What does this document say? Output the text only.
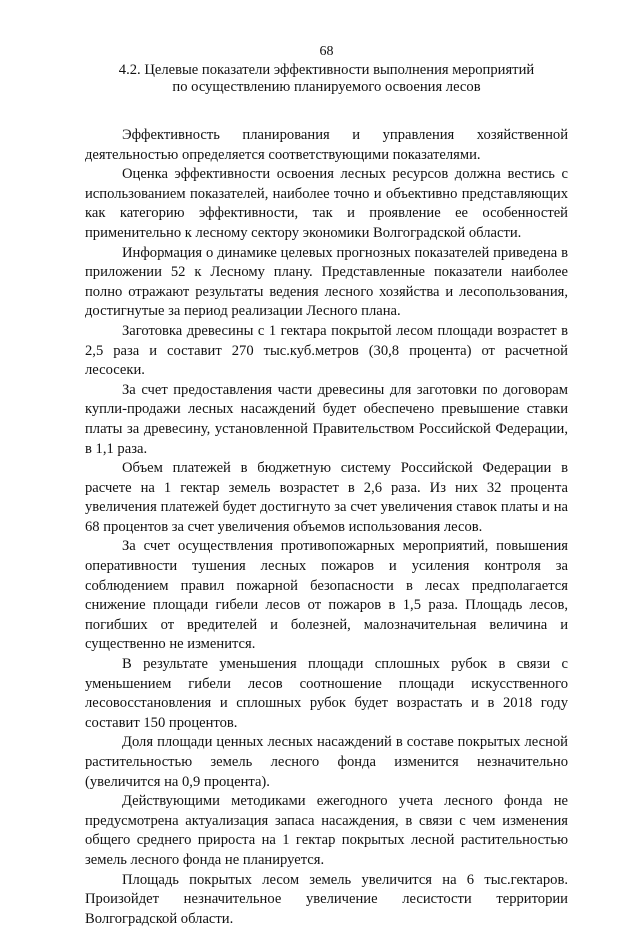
68
4.2. Целевые показатели эффективности выполнения мероприятий
по осуществлению планируемого освоения лесов

Эффективность планирования и управления хозяйственной деятельностью определяется соответствующими показателями.

Оценка эффективности освоения лесных ресурсов должна вестись с использованием показателей, наиболее точно и объективно представляющих как категорию эффективности, так и проявление ее особенностей применительно к лесному сектору экономики Волгоградской области.

Информация о динамике целевых прогнозных показателей приведена в приложении 52 к Лесному плану. Представленные показатели наиболее полно отражают результаты ведения лесного хозяйства и лесопользования, достигнутые за период реализации Лесного плана.

Заготовка древесины с 1 гектара покрытой лесом площади возрастет в 2,5 раза и составит 270 тыс.куб.метров (30,8 процента) от расчетной лесосеки.

За счет предоставления части древесины для заготовки по договорам купли-продажи лесных насаждений будет обеспечено превышение ставки платы за древесину, установленной Правительством Российской Федерации, в 1,1 раза.

Объем платежей в бюджетную систему Российской Федерации в расчете на 1 гектар земель возрастет в 2,6 раза. Из них 32 процента увеличения платежей будет достигнуто за счет увеличения ставок платы и на 68 процентов за счет увеличения объемов использования лесов.

За счет осуществления противопожарных мероприятий, повышения оперативности тушения лесных пожаров и усиления контроля за соблюдением правил пожарной безопасности в лесах предполагается снижение площади гибели лесов от пожаров в 1,5 раза. Площадь лесов, погибших от вредителей и болезней, малозначительная величина и существенно не изменится.

В результате уменьшения площади сплошных рубок в связи с уменьшением гибели лесов соотношение площади искусственного лесовосстановления и сплошных рубок будет возрастать и в 2018 году составит 150 процентов.

Доля площади ценных лесных насаждений в составе покрытых лесной растительностью земель лесного фонда изменится незначительно (увеличится на 0,9 процента).

Действующими методиками ежегодного учета лесного фонда не предусмотрена актуализация запаса насаждения, в связи с чем изменения общего среднего прироста на 1 гектар покрытых лесной растительностью земель лесного фонда не планируется.

Площадь покрытых лесом земель увеличится на 6 тыс.гектаров. Произойдет незначительное увеличение лесистости территории Волгоградской области.
